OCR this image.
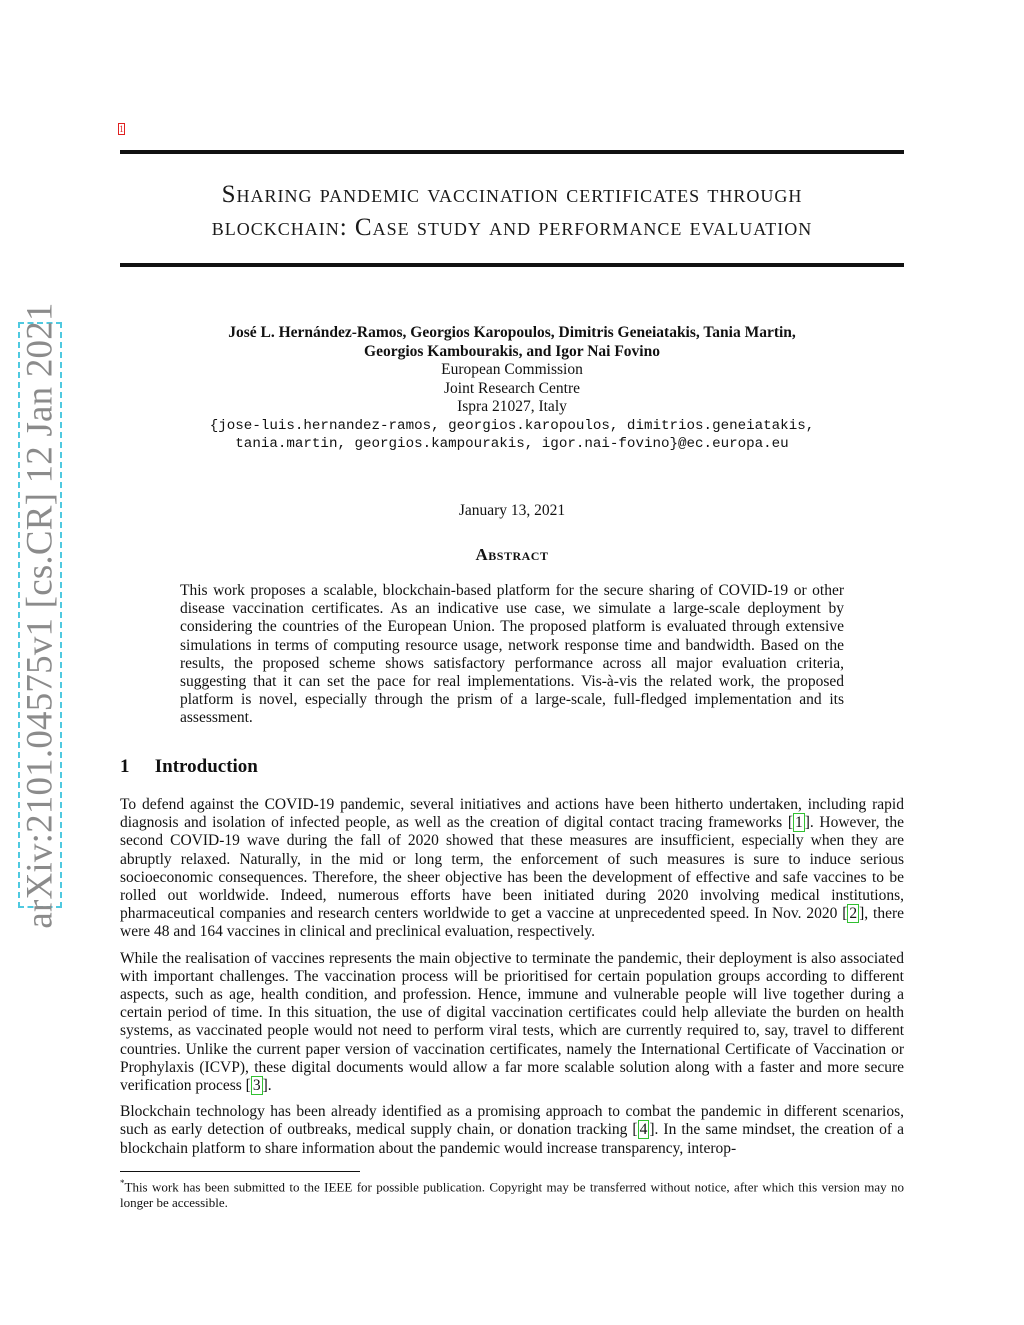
arXiv:2101.04575v1 [cs.CR] 12 Jan 2021
1
Sharing pandemic vaccination certificates through
blockchain: Case study and performance evaluation
José L. Hernández-Ramos, Georgios Karopoulos, Dimitris Geneiatakis, Tania Martin,
Georgios Kambourakis, and Igor Nai Fovino
European Commission
Joint Research Centre
Ispra 21027, Italy
{jose-luis.hernandez-ramos, georgios.karopoulos, dimitrios.geneiatakis,
tania.martin, georgios.kampourakis, igor.nai-fovino}@ec.europa.eu
January 13, 2021
Abstract
This work proposes a scalable, blockchain-based platform for the secure sharing of COVID-19 or other disease vaccination certificates. As an indicative use case, we simulate a large-scale deployment by considering the countries of the European Union. The proposed platform is evaluated through extensive simulations in terms of computing resource usage, network response time and bandwidth. Based on the results, the proposed scheme shows satisfactory performance across all major evaluation criteria, suggesting that it can set the pace for real implementations. Vis-à-vis the related work, the proposed platform is novel, especially through the prism of a large-scale, full-fledged implementation and its assessment.
1 Introduction

To defend against the COVID-19 pandemic, several initiatives and actions have been hitherto undertaken, including rapid diagnosis and isolation of infected people, as well as the creation of digital contact tracing frameworks [ 1 ]. However, the second COVID-19 wave during the fall of 2020 showed that these measures are insufficient, especially when they are abruptly relaxed. Naturally, in the mid or long term, the enforcement of such measures is sure to induce serious socioeconomic consequences. Therefore, the sheer objective has been the development of effective and safe vaccines to be rolled out worldwide. Indeed, numerous efforts have been initiated during 2020 involving medical institutions, pharmaceutical companies and research centers worldwide to get a vaccine at unprecedented speed. In Nov. 2020 [ 2 ], there were 48 and 164 vaccines in clinical and preclinical evaluation, respectively.

While the realisation of vaccines represents the main objective to terminate the pandemic, their deployment is also associated with important challenges. The vaccination process will be prioritised for certain population groups according to different aspects, such as age, health condition, and profession. Hence, immune and vulnerable people will live together during a certain period of time. In this situation, the use of digital vaccination certificates could help alleviate the burden on health systems, as vaccinated people would not need to perform viral tests, which are currently required to, say, travel to different countries. Unlike the current paper version of vaccination certificates, namely the International Certificate of Vaccination or Prophylaxis (ICVP), these digital documents would allow a far more scalable solution along with a faster and more secure verification process [ 3 ].

Blockchain technology has been already identified as a promising approach to combat the pandemic in different scenarios, such as early detection of outbreaks, medical supply chain, or donation tracking [ 4 ]. In the same mindset, the creation of a blockchain platform to share information about the pandemic would increase transparency, interop-

*This work has been submitted to the IEEE for possible publication. Copyright may be transferred without notice, after which this version may no longer be accessible.
